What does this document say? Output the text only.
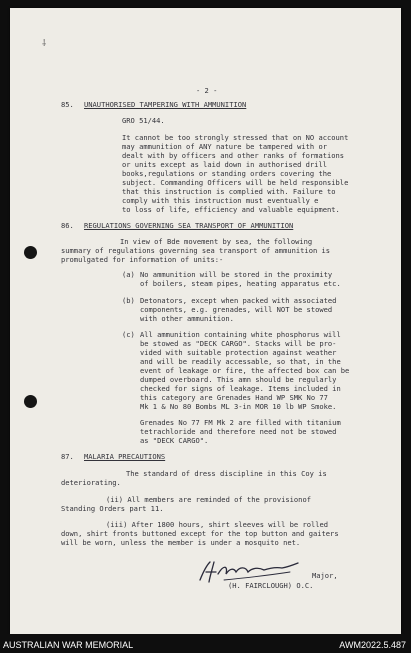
⸸
- 2 -
85. UNAUTHORISED TAMPERING WITH AMMUNITION
GRO 51/44.
It cannot be too strongly stressed that on NO account
may ammunition of ANY nature be tampered with or
dealt with by officers and other ranks of formations
or units except as laid down in authorised drill
books,regulations or standing orders covering the
subject. Commanding Officers will be held responsible
that this instruction is complied with. Failure to
comply with this instruction must eventually e
to loss of life, efficiency and valuable equipment.
86. REGULATIONS GOVERNING SEA TRANSPORT OF AMMUNITION
In view of Bde movement by sea, the following
summary of regulations governing sea transport of ammunition is
promulgated for information of units:-
(a) No ammunition will be stored in the proximity
of boilers, steam pipes, heating apparatus etc.
(b) Detonators, except when packed with associated
components, e.g. grenades, will NOT be stowed
with other ammunition.
(c) All ammunition containing white phosphorus will
be stowed as "DECK CARGO". Stacks will be pro-
vided with suitable protection against weather
and will be readily accessable, so that, in the
event of leakage or fire, the affected box can be
dumped overboard. This amn should be regularly
checked for signs of leakage. Items included in
this category are Grenades Hand WP SMK No 77
Mk 1 & No 80 Bombs ML 3-in MOR 10 lb WP Smoke.
Grenades No 77 FM Mk 2 are filled with titanium
tetrachloride and therefore need not be stowed
as "DECK CARGO".
87. MALARIA PRECAUTIONS
The standard of dress discipline in this Coy is
deteriorating.
(ii) All members are reminded of the provisionof
Standing Orders part 11.
(iii) After 1800 hours, shirt sleeves will be rolled
down, shirt fronts buttoned except for the top button and gaiters
will be worn, unless the member is under a mosquito net.
Major,
(H. FAIRCLOUGH) O.C.
AUSTRALIAN WAR MEMORIAL	AWM2022.5.487
